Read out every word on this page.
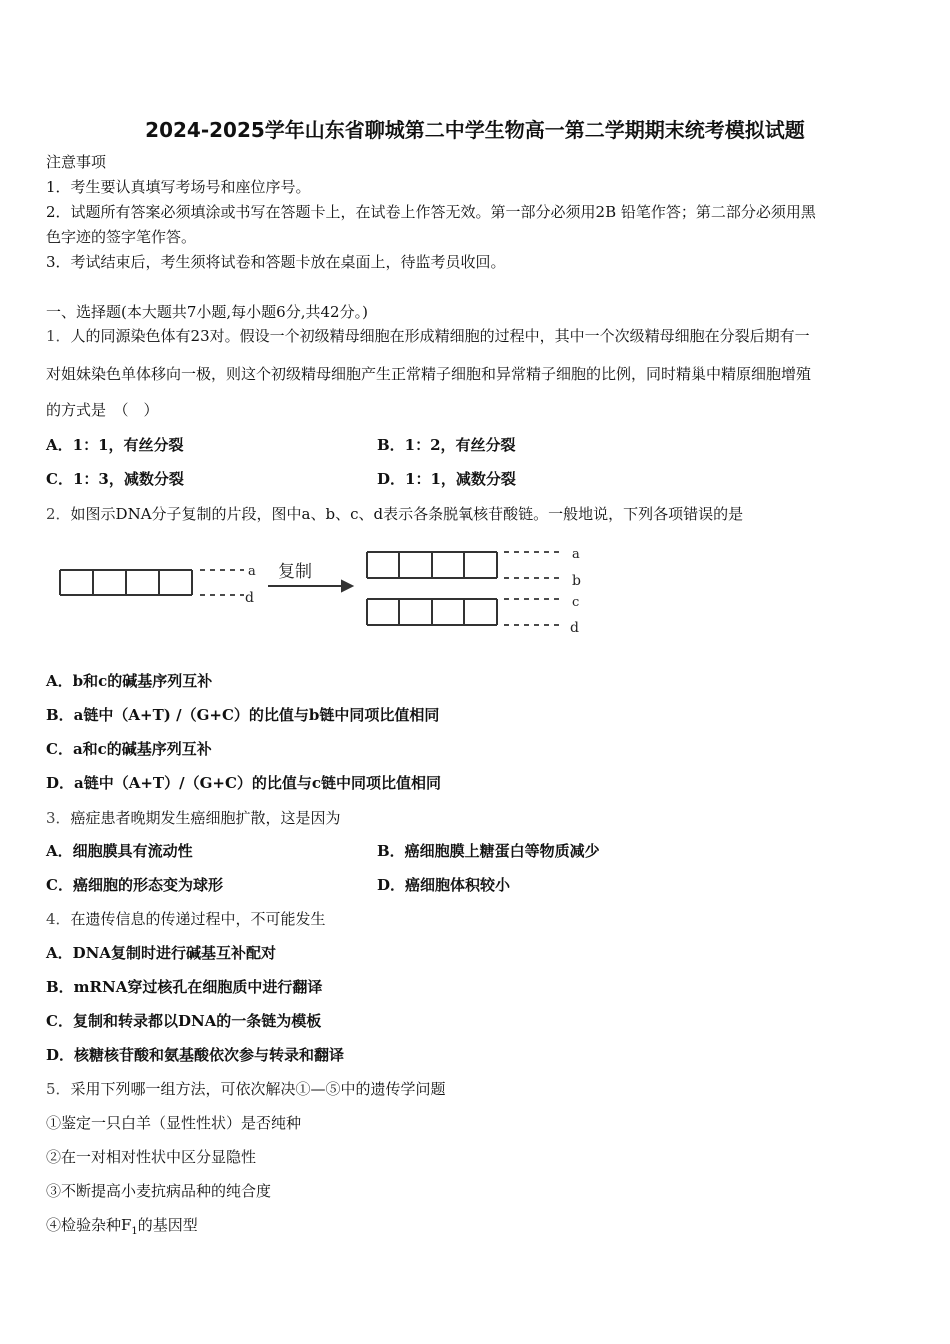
2024-2025学年山东省聊城第二中学生物高一第二学期期末统考模拟试题
注意事项
1．考生要认真填写考场号和座位序号。
2．试题所有答案必须填涂或书写在答题卡上，在试卷上作答无效。第一部分必须用2B 铅笔作答；第二部分必须用黑
色字迹的签字笔作答。
3．考试结束后，考生须将试卷和答题卡放在桌面上，待监考员收回。
一、选择题(本大题共7小题,每小题6分,共42分。)
1．人的同源染色体有23对。假设一个初级精母细胞在形成精细胞的过程中，其中一个次级精母细胞在分裂后期有一
对姐妹染色单体移向一极，则这个初级精母细胞产生正常精子细胞和异常精子细胞的比例，同时精巢中精原细胞增殖
的方式是　（　）
A．1：1，有丝分裂	B．1：2，有丝分裂
C．1：3，减数分裂	D．1：1，减数分裂
2．如图示DNA分子复制的片段，图中a、b、c、d表示各条脱氧核苷酸链。一般地说，下列各项错误的是
a
d
复制
a
b
c
d
A．b和c的碱基序列互补
B．a链中（A+T) /（G+C）的比值与b链中同项比值相同
C．a和c的碱基序列互补
D．a链中（A+T）/（G+C）的比值与c链中同项比值相同
3．癌症患者晚期发生癌细胞扩散，这是因为
A．细胞膜具有流动性	B．癌细胞膜上糖蛋白等物质减少
C．癌细胞的形态变为球形	D．癌细胞体积较小
4．在遗传信息的传递过程中，不可能发生
A．DNA复制时进行碱基互补配对
B．mRNA穿过核孔在细胞质中进行翻译
C．复制和转录都以DNA的一条链为模板
D．核糖核苷酸和氨基酸依次参与转录和翻译
5．采用下列哪一组方法，可依次解决①—⑤中的遗传学问题
①鉴定一只白羊（显性性状）是否纯种
②在一对相对性状中区分显隐性
③不断提高小麦抗病品种的纯合度
④检验杂种$F_1$的基因型
